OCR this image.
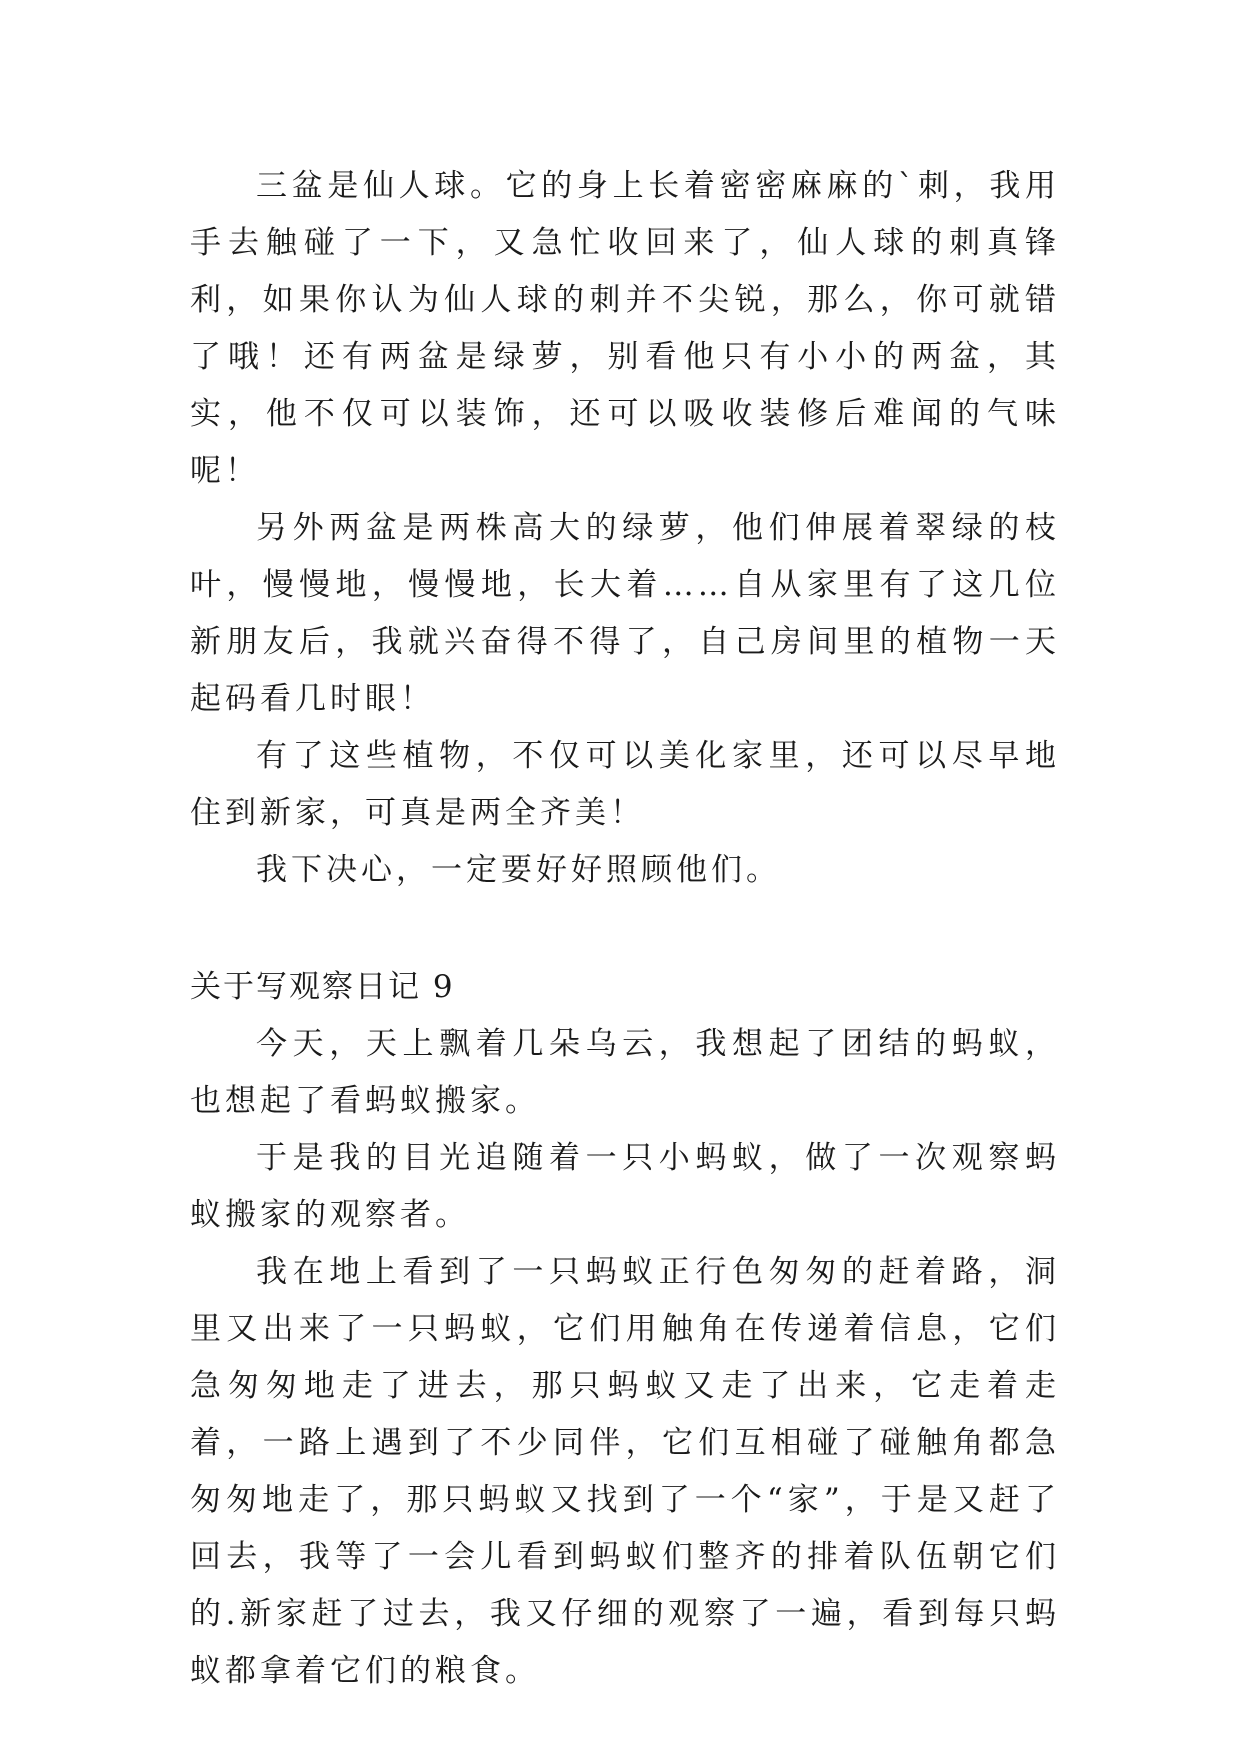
三盆是仙人球。它的身上长着密密麻麻的`刺，我用手去触碰了一下，又急忙收回来了，仙人球的刺真锋利，如果你认为仙人球的刺并不尖锐，那么，你可就错了哦！还有两盆是绿萝，别看他只有小小的两盆，其实，他不仅可以装饰，还可以吸收装修后难闻的气味呢！

另外两盆是两株高大的绿萝，他们伸展着翠绿的枝叶，慢慢地，慢慢地，长大着……自从家里有了这几位新朋友后，我就兴奋得不得了，自己房间里的植物一天起码看几时眼！

有了这些植物，不仅可以美化家里，还可以尽早地住到新家，可真是两全齐美！

我下决心，一定要好好照顾他们。

关于写观察日记 9

今天，天上飘着几朵乌云，我想起了团结的蚂蚁，也想起了看蚂蚁搬家。

于是我的目光追随着一只小蚂蚁，做了一次观察蚂蚁搬家的观察者。

我在地上看到了一只蚂蚁正行色匆匆的赶着路，洞里又出来了一只蚂蚁，它们用触角在传递着信息，它们急匆匆地走了进去，那只蚂蚁又走了出来，它走着走着，一路上遇到了不少同伴，它们互相碰了碰触角都急匆匆地走了，那只蚂蚁又找到了一个“家”，于是又赶了回去，我等了一会儿看到蚂蚁们整齐的排着队伍朝它们的.新家赶了过去，我又仔细的观察了一遍，看到每只蚂蚁都拿着它们的粮食。
